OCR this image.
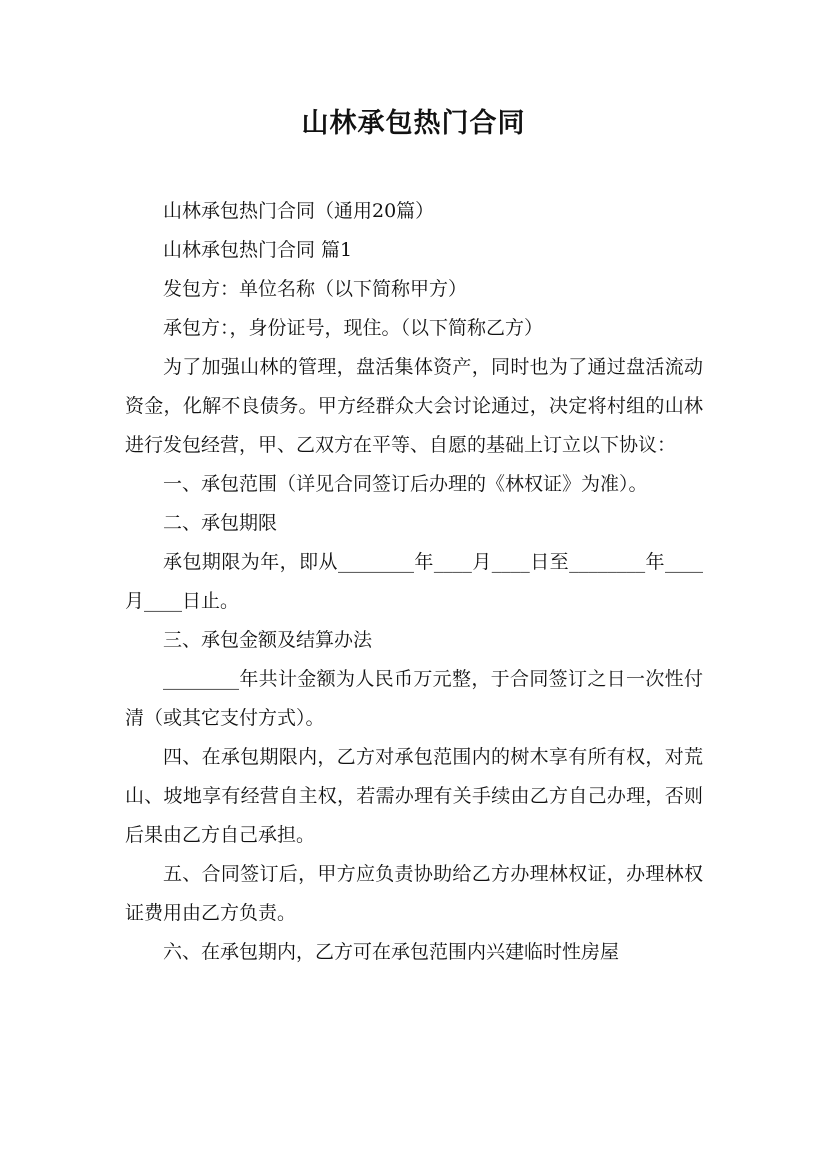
山林承包热门合同

山林承包热门合同（通用20篇）

山林承包热门合同 篇1

发包方：单位名称（以下简称甲方）

承包方：，身份证号，现住。（以下简称乙方）

为了加强山林的管理，盘活集体资产，同时也为了通过盘活流动资金，化解不良债务。甲方经群众大会讨论通过，决定将村组的山林进行发包经营，甲、乙双方在平等、自愿的基础上订立以下协议：

一、承包范围（详见合同签订后办理的《林权证》为准）。

二、承包期限

承包期限为年，即从________年____月____日至________年____月____日止。

三、承包金额及结算办法

________年共计金额为人民币万元整，于合同签订之日一次性付清（或其它支付方式）。

四、在承包期限内，乙方对承包范围内的树木享有所有权，对荒山、坡地享有经营自主权，若需办理有关手续由乙方自己办理，否则后果由乙方自己承担。

五、合同签订后，甲方应负责协助给乙方办理林权证，办理林权证费用由乙方负责。

六、在承包期内，乙方可在承包范围内兴建临时性房屋
